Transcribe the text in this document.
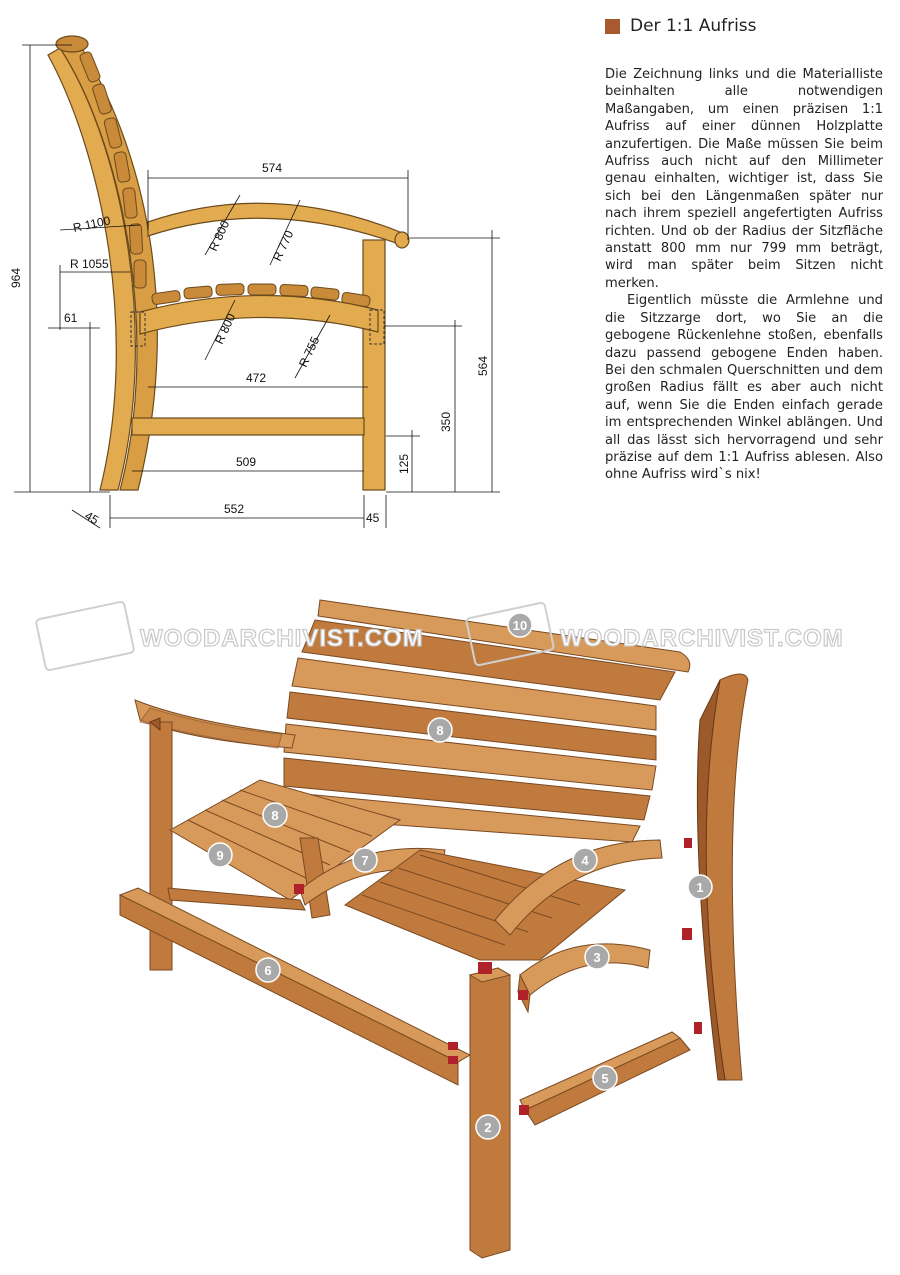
574
964
R 1100
R 1055
R 800	R 770
61	R 800
R 755
472
564
350
509	125
45	552
45
WOODARCHIVIST.COM	WOODARCHIVIST.COM
10
8
8
9	7	4
1
3
6
5
2
Der 1:1 Aufriss

Die Zeichnung links und die Materialliste beinhalten alle notwendigen Maßangaben, um einen präzisen 1:1 Aufriss auf einer dünnen Holzplatte anzufertigen. Die Maße müssen Sie beim Aufriss auch nicht auf den Millimeter genau einhalten, wichtiger ist, dass Sie sich bei den Längenmaßen später nur nach ihrem speziell angefertigten Aufriss richten. Und ob der Radius der Sitzfläche anstatt 800 mm nur 799 mm beträgt, wird man später beim Sitzen nicht merken.

Eigentlich müsste die Armlehne und die Sitzzarge dort, wo Sie an die gebogene Rückenlehne stoßen, ebenfalls dazu passend gebogene Enden haben. Bei den schmalen Querschnitten und dem großen Radius fällt es aber auch nicht auf, wenn Sie die Enden einfach gerade im entsprechenden Winkel ablängen. Und all das lässt sich hervorragend und sehr präzise auf dem 1:1 Aufriss ablesen. Also ohne Aufriss wird`s nix!
